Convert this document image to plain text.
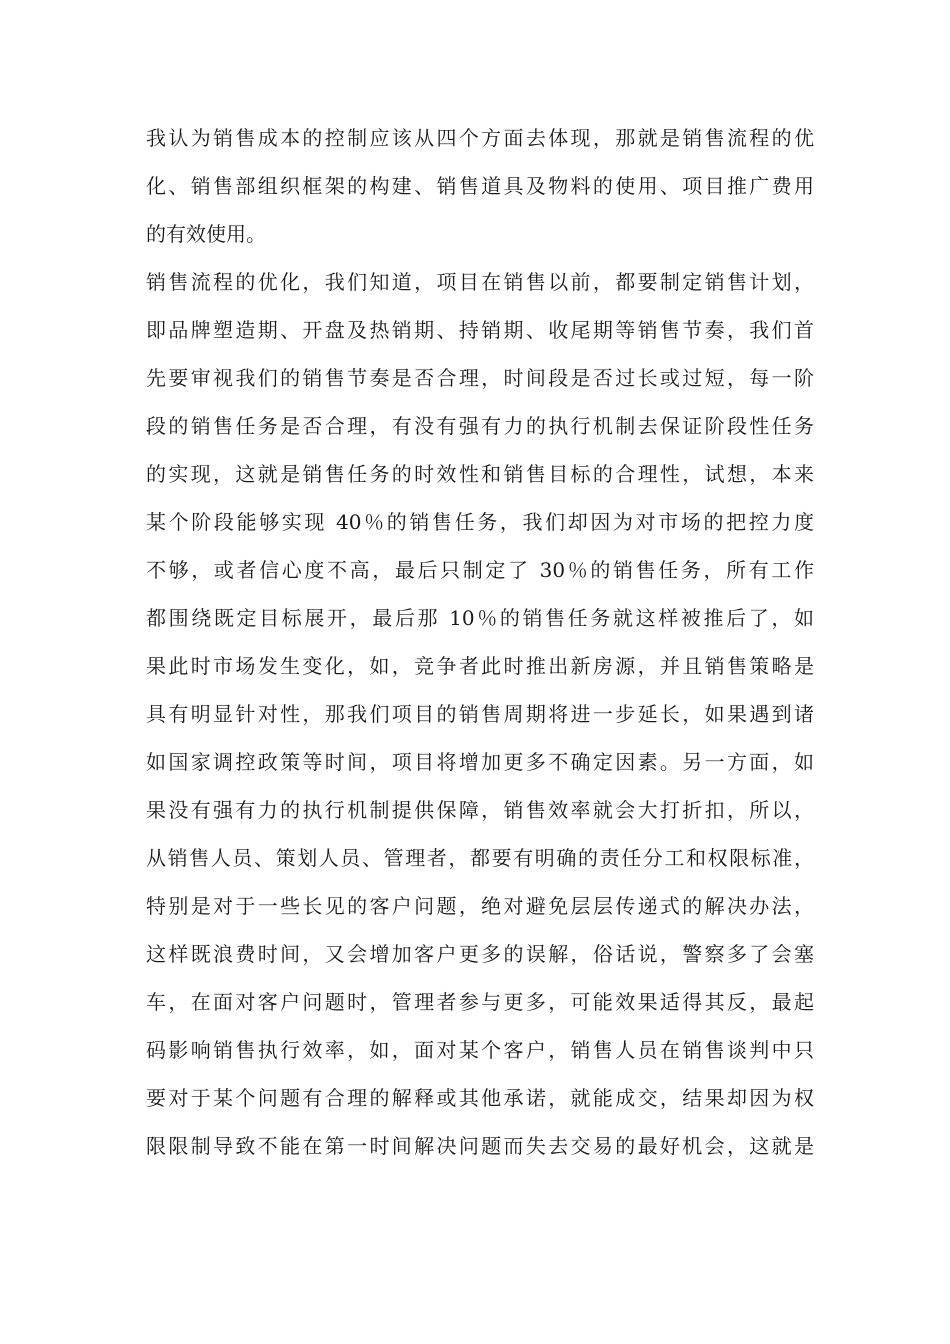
我认为销售成本的控制应该从四个方面去体现，那就是销售流程的优
化、销售部组织框架的构建、销售道具及物料的使用、项目推广费用
的有效使用。
销售流程的优化，我们知道，项目在销售以前，都要制定销售计划，
即品牌塑造期、开盘及热销期、持销期、收尾期等销售节奏，我们首
先要审视我们的销售节奏是否合理，时间段是否过长或过短，每一阶
段的销售任务是否合理，有没有强有力的执行机制去保证阶段性任务
的实现，这就是销售任务的时效性和销售目标的合理性，试想，本来
某个阶段能够实现 40％的销售任务，我们却因为对市场的把控力度
不够，或者信心度不高，最后只制定了 30％的销售任务，所有工作
都围绕既定目标展开，最后那 10％的销售任务就这样被推后了，如
果此时市场发生变化，如，竞争者此时推出新房源，并且销售策略是
具有明显针对性，那我们项目的销售周期将进一步延长，如果遇到诸
如国家调控政策等时间，项目将增加更多不确定因素。另一方面，如
果没有强有力的执行机制提供保障，销售效率就会大打折扣，所以，
从销售人员、策划人员、管理者，都要有明确的责任分工和权限标准，
特别是对于一些长见的客户问题，绝对避免层层传递式的解决办法，
这样既浪费时间，又会增加客户更多的误解，俗话说，警察多了会塞
车，在面对客户问题时，管理者参与更多，可能效果适得其反，最起
码影响销售执行效率，如，面对某个客户，销售人员在销售谈判中只
要对于某个问题有合理的解释或其他承诺，就能成交，结果却因为权
限限制导致不能在第一时间解决问题而失去交易的最好机会，这就是
